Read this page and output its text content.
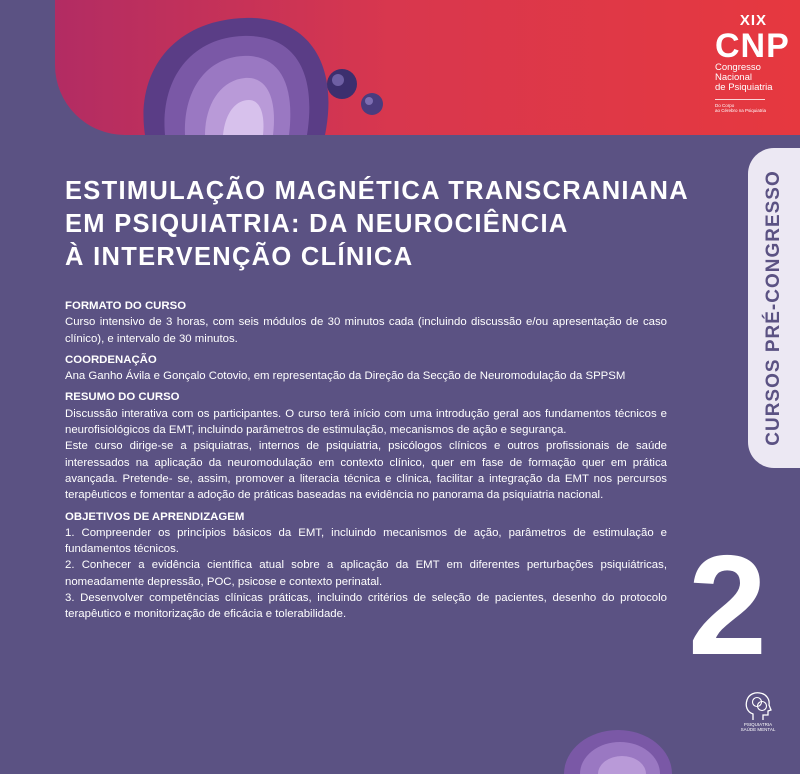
XIX
CNP
Congresso Nacional
de Psiquiatria
Do Corpo
ao Cérebro na Psiquiatria
CURSOS PRÉ-CONGRESSO
2
ESTIMULAÇÃO MAGNÉTICA TRANSCRANIANA
EM PSIQUIATRIA: DA NEUROCIÊNCIA
À INTERVENÇÃO CLÍNICA
FORMATO DO CURSO

Curso intensivo de 3 horas, com seis módulos de 30 minutos cada (incluindo discussão e/ou apresentação de caso clínico), e intervalo de 30 minutos.

COORDENAÇÃO

Ana Ganho Ávila e Gonçalo Cotovio, em representação da Direção da Secção de Neuromodulação da SPPSM

RESUMO DO CURSO

Discussão interativa com os participantes. O curso terá início com uma introdução geral aos fundamentos técnicos e neurofisiológicos da EMT, incluindo parâmetros de estimulação, mecanismos de ação e segurança.

Este curso dirige-se a psiquiatras, internos de psiquiatria, psicólogos clínicos e outros profissionais de saúde interessados na aplicação da neuromodulação em contexto clínico, quer em fase de formação quer em prática avançada. Pretende- se, assim, promover a literacia técnica e clínica, facilitar a integração da EMT nos percursos terapêuticos e fomentar a adoção de práticas baseadas na evidência no panorama da psiquiatria nacional.

OBJETIVOS DE APRENDIZAGEM

1. Compreender os princípios básicos da EMT, incluindo mecanismos de ação, parâmetros de estimulação e fundamentos técnicos.

2. Conhecer a evidência científica atual sobre a aplicação da EMT em diferentes perturbações psiquiátricas, nomeadamente depressão, POC, psicose e contexto perinatal.

3. Desenvolver competências clínicas práticas, incluindo critérios de seleção de pacientes, desenho do protocolo terapêutico e monitorização de eficácia e tolerabilidade.

PSIQUIATRIA
SAÚDE MENTAL
